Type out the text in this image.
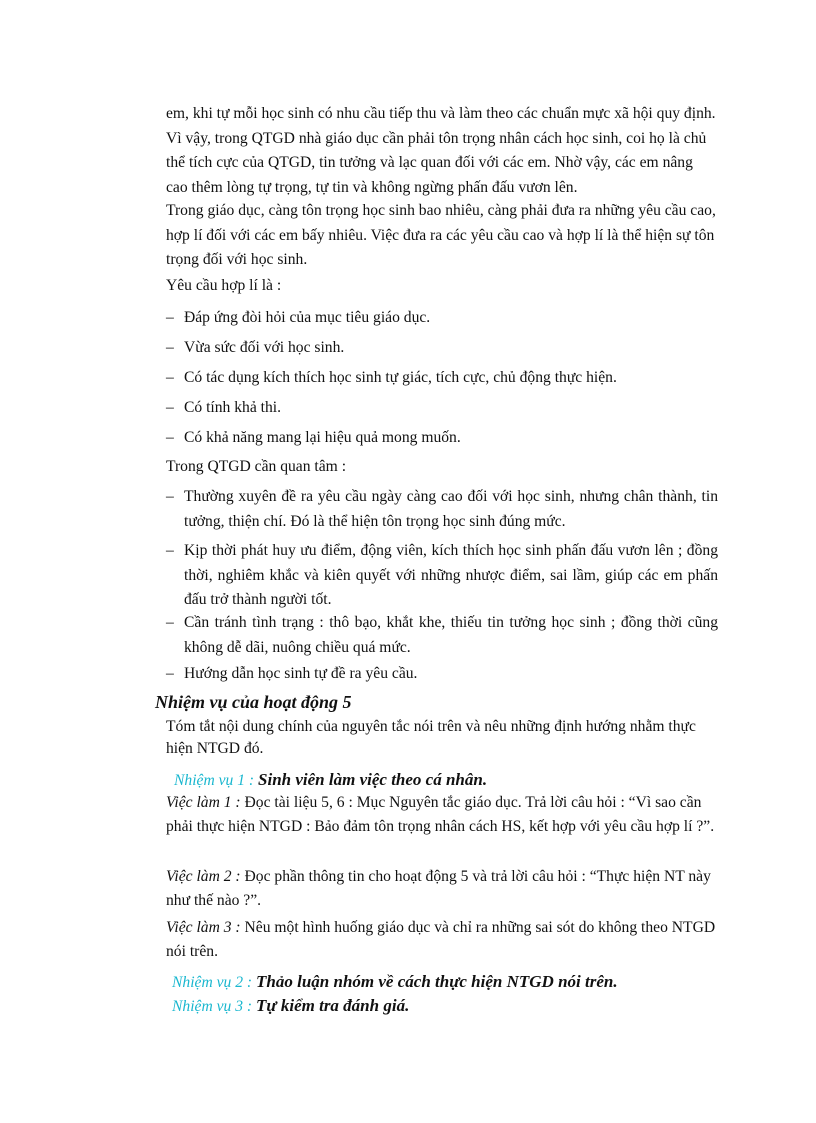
em, khi tự mỗi học sinh có nhu cầu tiếp thu và làm theo các chuẩn mực xã hội quy định. Vì vậy, trong QTGD nhà giáo dục cần phải tôn trọng nhân cách học sinh, coi họ là chủ thể tích cực của QTGD, tin tưởng và lạc quan đối với các em. Nhờ vậy, các em nâng cao thêm lòng tự trọng, tự tin và không ngừng phấn đấu vươn lên.

Trong giáo dục, càng tôn trọng học sinh bao nhiêu, càng phải đưa ra những yêu cầu cao, hợp lí đối với các em bấy nhiêu. Việc đưa ra các yêu cầu cao và hợp lí là thể hiện sự tôn trọng đối với học sinh.

Yêu cầu hợp lí là :

– Đáp ứng đòi hỏi của mục tiêu giáo dục.
– Vừa sức đối với học sinh.
– Có tác dụng kích thích học sinh tự giác, tích cực, chủ động thực hiện.
– Có tính khả thi.
– Có khả năng mang lại hiệu quả mong muốn.

Trong QTGD cần quan tâm :

– Thường xuyên đề ra yêu cầu ngày càng cao đối với học sinh, nhưng chân thành, tin tưởng, thiện chí. Đó là thể hiện tôn trọng học sinh đúng mức.
– Kịp thời phát huy ưu điểm, động viên, kích thích học sinh phấn đấu vươn lên ; đồng thời, nghiêm khắc và kiên quyết với những nhược điểm, sai lầm, giúp các em phấn đấu trở thành người tốt.
– Cần tránh tình trạng : thô bạo, khắt khe, thiếu tin tưởng học sinh ; đồng thời cũng không dễ dãi, nuông chiều quá mức.
– Hướng dẫn học sinh tự đề ra yêu cầu.
Nhiệm vụ của hoạt động 5

Tóm tắt nội dung chính của nguyên tắc nói trên và nêu những định hướng nhằm thực hiện NTGD đó.

Nhiệm vụ 1 : Sinh viên làm việc theo cá nhân.

Việc làm 1 : Đọc tài liệu 5, 6 : Mục Nguyên tắc giáo dục. Trả lời câu hỏi : “Vì sao cần phải thực hiện NTGD : Bảo đảm tôn trọng nhân cách HS, kết hợp với yêu cầu hợp lí ?”.

Việc làm 2 : Đọc phần thông tin cho hoạt động 5 và trả lời câu hỏi : “Thực hiện NT này như thế nào ?”.

Việc làm 3 : Nêu một hình huống giáo dục và chỉ ra những sai sót do không theo NTGD nói trên.

Nhiệm vụ 2 : Thảo luận nhóm về cách thực hiện NTGD nói trên.

Nhiệm vụ 3 : Tự kiểm tra đánh giá.
